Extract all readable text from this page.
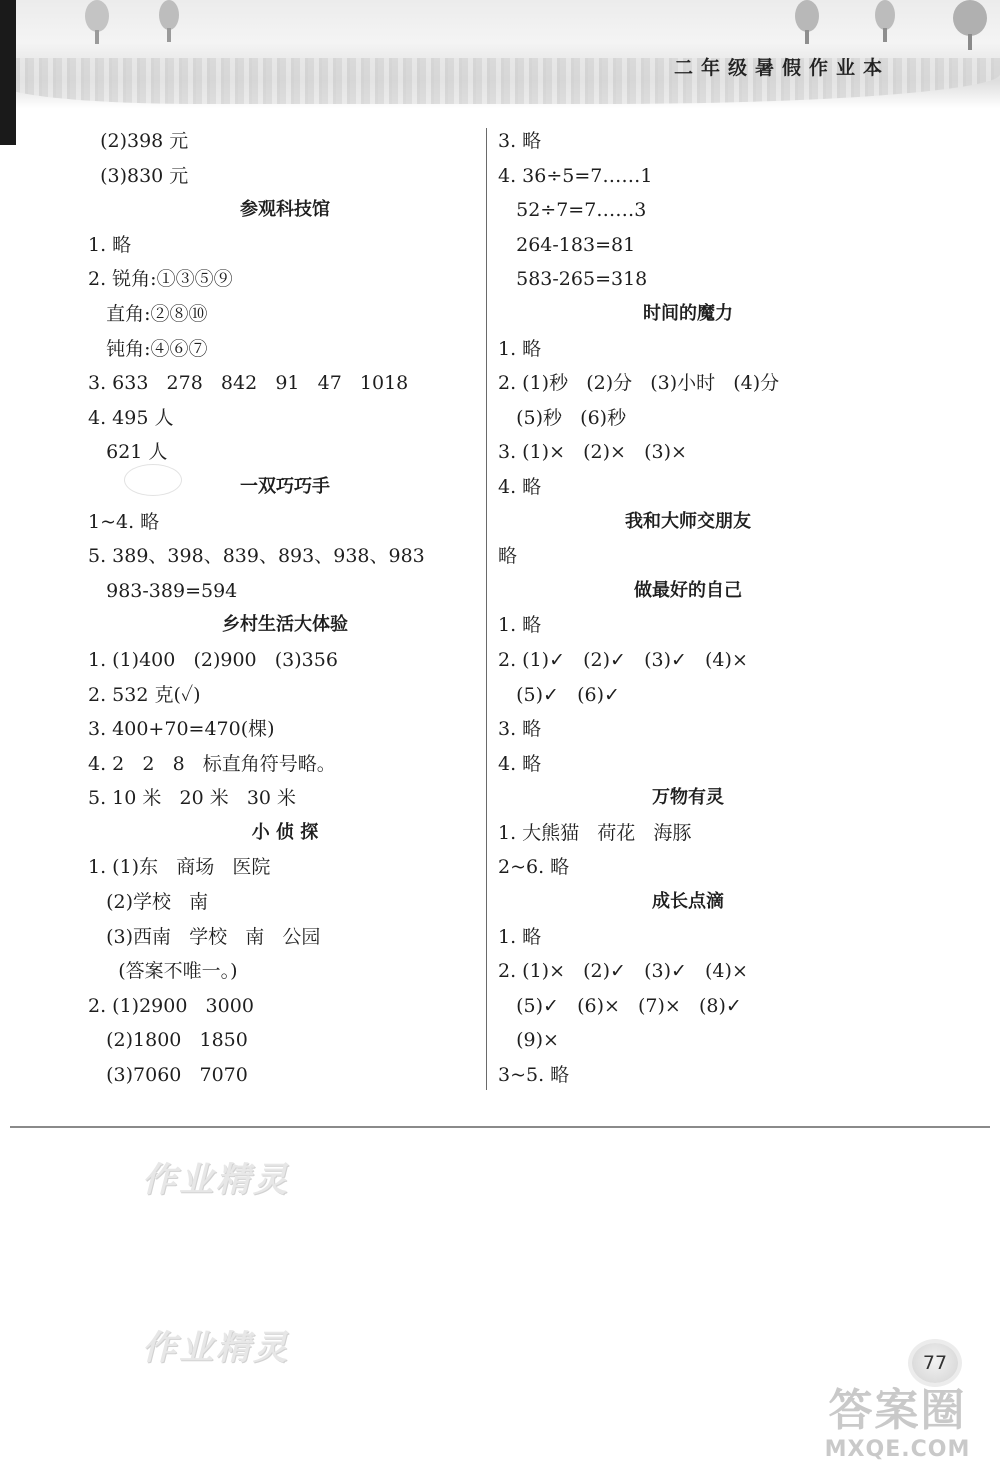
二年级暑假作业本
(2)398 元
(3)830 元
参观科技馆
1. 略
2. 锐角:①③⑤⑨
直角:②⑧⑩
钝角:④⑥⑦
3. 633   278   842   91   47   1018
4. 495 人
621 人
一双巧巧手
1~4. 略
5. 389、398、839、893、938、983
983-389=594
乡村生活大体验
1. (1)400   (2)900   (3)356
2. 532 克(✓)
3. 400+70=470(棵)
4. 2   2   8   标直角符号略。
5. 10 米   20 米   30 米
小 侦 探
1. (1)东   商场   医院
(2)学校   南
(3)西南   学校   南   公园
(答案不唯一。)
2. (1)2900   3000
(2)1800   1850
(3)7060   7070
3. 略
4. 36÷5=7……1
52÷7=7……3
264-183=81
583-265=318
时间的魔力
1. 略
2. (1)秒   (2)分   (3)小时   (4)分
(5)秒   (6)秒
3. (1)×   (2)×   (3)×
4. 略
我和大师交朋友
略
做最好的自己
1. 略
2. (1)✓   (2)✓   (3)✓   (4)×
(5)✓   (6)✓
3. 略
4. 略
万物有灵
1. 大熊猫   荷花   海豚
2~6. 略
成长点滴
1. 略
2. (1)×   (2)✓   (3)✓   (4)×
(5)✓   (6)×   (7)×   (8)✓
(9)×
3~5. 略
作业精灵
作业精灵	77
答案圈
MXQE.COM
